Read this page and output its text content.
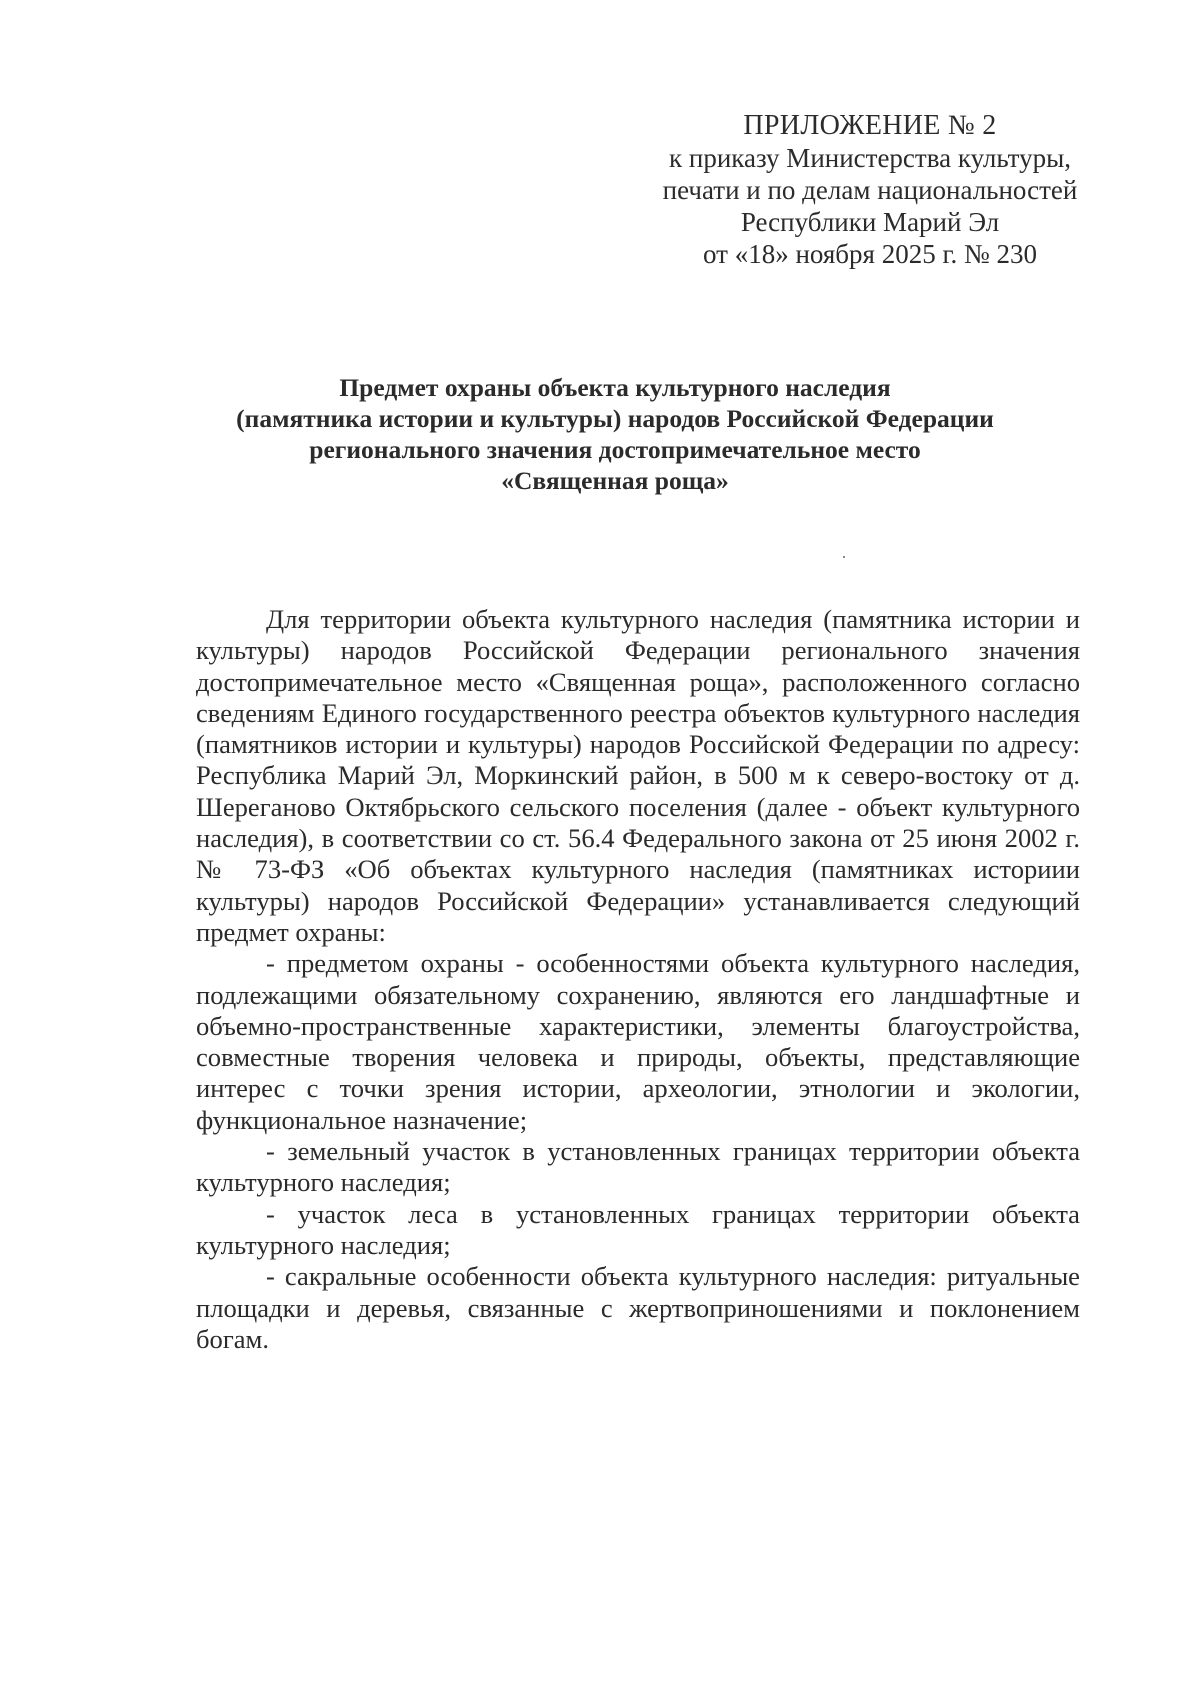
ПРИЛОЖЕНИЕ № 2
к приказу Министерства культуры,
печати и по делам национальностей
Республики Марий Эл
от «18» ноября 2025 г. № 230
Предмет охраны объекта культурного наследия
(памятника истории и культуры) народов Российской Федерации
регионального значения достопримечательное место
«Священная роща»

Для территории объекта культурного наследия (памятника истории и культуры) народов Российской Федерации регионального значения достопримечательное место «Священная роща», расположенного согласно сведениям Единого государственного реестра объектов культурного наследия (памятников истории и культуры) народов Российской Федерации по адресу: Республика Марий Эл, Моркинский район, в 500 м к северо-востоку от д. Шереганово Октябрьского сельского поселения (далее - объект культурного наследия), в соответствии со ст. 56.4 Федерального закона от 25 июня 2002 г. № 73-ФЗ «Об объектах культурного наследия (памятниках историии культуры) народов Российской Федерации» устанавливается следующий предмет охраны:

- предметом охраны - особенностями объекта культурного наследия, подлежащими обязательному сохранению, являются его ландшафтные и объемно-пространственные характеристики, элементы благоустройства, совместные творения человека и природы, объекты, представляющие интерес с точки зрения истории, археологии, этнологии и экологии, функциональное назначение;

- земельный участок в установленных границах территории объекта культурного наследия;

- участок леса в установленных границах территории объекта культурного наследия;

- сакральные особенности объекта культурного наследия: ритуальные площадки и деревья, связанные с жертвоприношениями и поклонением богам.
